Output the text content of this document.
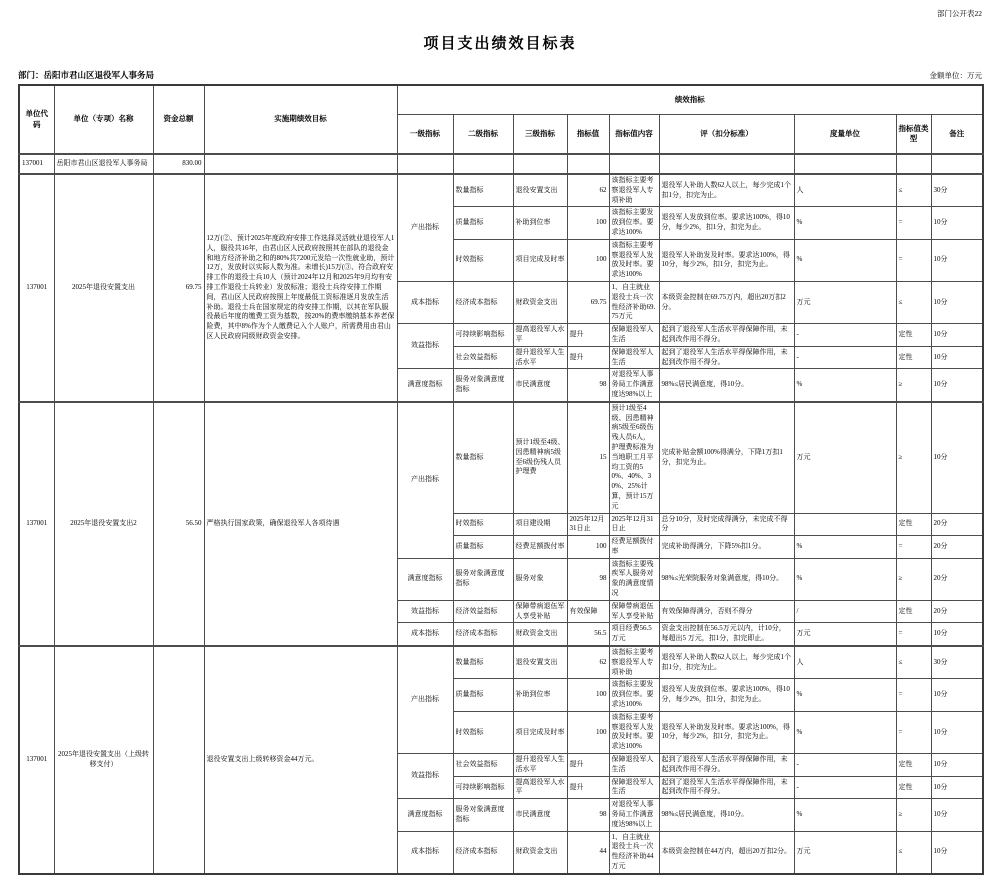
部门公开表22
项目支出绩效目标表
部门：岳阳市君山区退役军人事务局	金额单位：万元
单位代码	单位（专项）名称	资金总额	实施期绩效目标	绩效指标								
				一级指标	二级指标	三级指标	指标值	指标值内容	评（扣分标准）	度量单位	指标值类型	备注
137001	岳阳市君山区退役军人事务局	830.00										
137001	2025年退役安置支出	69.75	12万(②、预计2025年度政府安排工作选择灵活就业退役军人1人，服役共16年，由君山区人民政府按照其在部队的退役金和地方经济补助之和的80%共7200元发给一次性就业助，预计12万，发放时以实际人数为准。未增长)15万(③、符合政府安排工作的退役士兵10人（预计2024年12月和2025年9月均有安排工作退役士兵转业）发放标准；退役士兵待安排工作期间，君山区人民政府按照上年度最低工资标准逐月发放生活补助。退役士兵在国家规定的待安排工作期，以其在军队服役最后年度的缴费工资为基数，按20%的费率缴纳基本养老保险费，其中8%作为个人缴费记入个人账户，所需费用由君山区人民政府同级财政资金安排。	产出指标	数量指标	退役安置支出	62	该指标主要考察退役军人专项补助	退役军人补助人数62人以上，每少完成1个扣1分，扣完为止。	人	≤	30分
					质量指标	补助到位率	100	该指标主要发放到位率。要求达100%	退役军人发放到位率。要求达100%，得10分，每少2%，扣1分，扣完为止。	%	=	10分
					时效指标	项目完成及时率	100	该指标主要考察退役军人发放及时率。要求达100%	退役军人补助发及时率。要求达100%，得10分，每少2%，扣1分，扣完为止。	%	=	10分
				成本指标	经济成本指标	财政资金支出	69.75	1、自主就业退役士兵一次性经济补助69.75万元	本级资金控制在69.75万内，超出20万扣2分。	万元	≤	10分
				效益指标	可持续影响指标	提高退役军人水平	提升	保障退役军人生活	起到了退役军人生活水平得保障作用，未起到改作用不得分。	-	定性	10分
					社会效益指标	提升退役军人生活水平	提升	保障退役军人生活	起到了退役军人生活水平得保障作用，未起到改作用不得分。	-	定性	10分
				满意度指标	服务对象满意度指标	市民满意度	98	对退役军人事务局工作满意度达98%以上	98%≤居民满意度，得10分。	%	≥	10分
137001	2025年退役安置支出2	56.50	严格执行国家政策，确保退役军人各项待遇	产出指标	数量指标	预计1级至4级、因患精神病5级至6级伤残人员护理费	15	预计1级至4级、因患精神病5级至6级伤残人员6人，护理费标准为当地职工月平均工资的50%、40%、30%、25%计算，预计15万元	完成补贴金额100%得满分，下降1万扣1分，扣完为止。	万元	≥	10分
					时效指标	项目建设期	2025年12月31日止	2025年12月31日止	总分10分，及时完成得满分，未完成不得分		定性	20分
					质量指标	经费足额拨付率	100	经费足额拨付率	完成补助得满分，下降5%扣1分。	%	=	20分
				满意度指标	服务对象满意度指标	服务对象	98	该指标主要残疾军人服务对象的满意度情况	98%≤光荣院服务对象满意度，得10分。	%	≥	20分
				效益指标	经济效益指标	保障带病退伍军人享受补贴	有效保障	保障带病退伍军人享受补贴	有效保障得满分，否则不得分	/	定性	20分
				成本指标	经济成本指标	财政资金支出	56.5	项目经费56.5万元	资金支出控制在56.5万元以内，计10分，每超出5 万元，扣1分，扣完即止。	万元	=	10分
137001	2025年退役安置支出（上级转移支付）		退役安置支出上级转移资金44万元。	产出指标	数量指标	退役安置支出	62	该指标主要考察退役军人专项补助	退役军人补助人数62人以上，每少完成1个扣1分，扣完为止。	人	≤	30分
					质量指标	补助到位率	100	该指标主要发放到位率。要求达100%	退役军人发放到位率。要求达100%，得10分，每少2%，扣1分，扣完为止。	%	=	10分
					时效指标	项目完成及时率	100	该指标主要考察退役军人发放及时率。要求达100%	退役军人补助发及时率。要求达100%，得10分，每少2%，扣1分，扣完为止。	%	=	10分
				效益指标	社会效益指标	提升退役军人生活水平	提升	保障退役军人生活	起到了退役军人生活水平得保障作用，未起到改作用不得分。	-	定性	10分
					可持续影响指标	提高退役军人水平	提升	保障退役军人生活	起到了退役军人生活水平得保障作用，未起到改作用不得分。	-	定性	10分
				满意度指标	服务对象满意度指标	市民满意度	98	对退役军人事务局工作满意度达98%以上	98%≤居民满意度，得10分。	%	≥	10分
				成本指标	经济成本指标	财政资金支出	44	1、自主就业退役士兵一次性经济补助44万元	本级资金控制在44万内，超出20万扣2分。	万元	≤	10分
